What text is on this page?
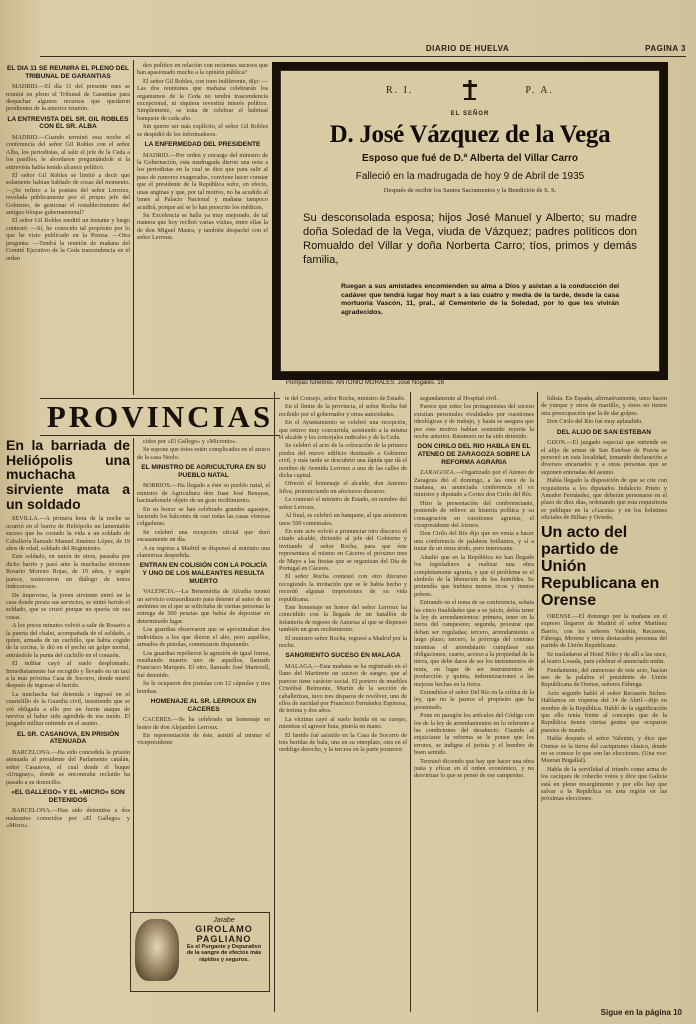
DIARIO DE HUELVA	PAGINA 3
EL DIA 11 SE REUNIRA EL PLENO DEL TRIBUNAL DE GARANTIAS

MADRID.—El día 11 del presente mes se reunirá en pleno el Tribunal de Garantías para despachar algunos recursos que quedaron pendientes de la anterior reunión.

LA ENTREVISTA DEL SR. GIL ROBLES CON EL SR. ALBA

MADRID.—Cuando terminó esta noche el conferencia del señor Gil Robles con el señor Alba, los periodistas, al salir el jefe de la Ceda a los pasillos, le abordaron preguntándole si la entrevista había tenido alcance político.

El señor Gil Robles se limitó a decir que solamente habían hablado de cosas del momento. —¿Se refiere a la postura del señor Lerroux, revelada públicamente por el propio jefe del Gobierno, de gestionar el restablecimiento del antiguo bloque gubernamental?

El señor Gil Robles meditó un instante y luego contestó: —Sí, he conocido tal propósito por lo que he visto publicado en la Prensa. —Otra pregunta: —Tendrá la reunión de mañana del Comité Ejecutivo de la Ceda trascendencia en el orden

deo político en relación con recientes sucesos que han apasionado mucho a la opinión pública?

El señor Gil Robles, con tono indiferente, dijo: —Las dos reuniones que mañana celebrarán los organismos de la Ceda no tendrá trascendencia excepcional, ni siquiera revestirá interés político. Simplemente, se trata de celebrar el habitual banquete de cada año.

Sin querer ser más explícito, el señor Gil Robles se despidió de los informadores.

LA ENFERMEDAD DEL PRESIDENTE

MADRID.—Por orden y encargo del ministro de la Gobernación, esta madrugada dieron una nota a los periodistas en la cual se dice que para salir al paso de rumores exagerados, conviene hacer constar que el presidente de la República sufre, en efecto, unas anginas y que, por tal motivo, no ha acudido al lunes al Palacio Nacional y mañana tampoco acudirá, porque así se lo han prescrito los médicos.

Su Excelencia se halla ya muy mejorado, de tal manera que hoy recibió varias visitas, entre ellas la de don Miguel Maura, y también despachó con el señor Lerroux.

PROVINCIAS
En la barriada de Heliópolis una muchacha sirviente mata a un soldado

SEVILLA.—A primera hora de la noche se ocurrió en el barrio de Heliópolis un lamentable suceso que ha costado la vida a un soldado de Caballería llamado Manuel Jiménez López, de 19 años de edad, soldado del Regimiento.

Este soldado, en unión de otros, paseaba por dicho barrio y pasó ante la muchacha sirviente Rosario Moreno Rojas, de 19 años, y según parece, sostuvieron un diálogo de tonos indecorosos.

De improviso, la joven sirviente entró en la casa donde presta sus servicios, se sintió herido el soldado, que se cruzó porque no quería oír sus cosas.

A los pocos minutos volvió a salir de Rosario a la puerta del chalet, acompañada de el soldado, a quien, armada de un cuchillo, que había cogido de la cocina, le dió en el pecho un golpe mortal, entrándole la punta del cuchillo en el corazón.

El militar cayó al suelo desplomado. Inmediatamente fue recogido y llevado en un taxi a la más próxima Casa de Socorro, donde murió después de ingresar el herido.

La muchacha fué detenida e ingresó en el cuartelillo de la Guardia civil, insistiendo que se vió obligada a ello por un fuerte ataque de nervios al haber sido agredida de ese modo. El juzgado militar entiende en el asunto.

EL SR. CASANOVA, EN PRISIÓN ATENUADA

BARCELONA.—Ha sido concedida la prisión atenuada al presidente del Parlamento catalán, señor Casanova, el cual desde el buque «Uruguay», donde se encontraba recluido ha pasado a su domicilio.

«EL GALLEGO» Y EL «MICRO» SON DETENIDOS

BARCELONA.—Han sido detenidos a dos maleantes conocidos por «El Gallego» y «Micro».

cidos por «El Gallego» y «Micronio».

Se supone que éstos estén complicados en el atraco de la casa Neolo.

EL MINISTRO DE AGRICULTURA EN SU PUEBLO NATAL

BORRIOS.—Ha llegado a éste su pueblo natal, el ministro de Agricultura don Juan José Benayas, hacinadomele objeto de un gran recibimiento.

En su honor se han celebrado grandes agasajos, luciendo los balcones de casi todas las casas vistosas colgaduras.

Se celebró una recepción oficial que duró escasamente un día.

A su regreso a Madrid se dispensó al ministro una clamorosa despedida.

ENTRAN EN COLISIÓN CON LA POLICÍA Y UNO DE LOS MALEANTES RESULTA MUERTO

VALENCIA.—La Benemérita de Alcudia montó un servicio extraordinario para detener al autor de un anónimo en el que se solicitaba de ciertas personas la entrega de 500 pesetas que había de depositar en determinado lugar.

Los guardias observaron que se aproximaban dos individuos a los que dieron el alto, pero aquéllos, armados de pistolas, comenzaron disparando.

Los guardias repelieron la agresión de igual forma, resultando muerto uno de aquellos, llamado Francisco Marqués. El otro, llamado José Martorell, fué detenido.

Se le ocuparon dos pistolas con 12 cápsulas y tres bombas.

HOMENAJE AL SR. LERROUX EN CACERES

CACERES.—Se ha celebrado un homenaje en honor de don Alejandro Lerroux.

En representación de éste, asistió al mismo el vicepresidente

Jarabe
GIROLAMO PAGLIANO
Es el Purgante y Depurativo de la sangre de efectos más rápidos y seguros.
R. I.	P. A.
EL SEÑOR
D. José Vázquez de la Vega
Esposo que fué de D.ª Alberta del Villar Carro
Falleció en la madrugada de hoy 9 de Abril de 1935
Después de recibir los Santos Sacramentos y la Bendición de S. S.
Su desconsolada esposa; hijos José Manuel y Alberto; su madre doña Soledad de la Vega, viuda de Vázquez; padres políticos don Romualdo del Villar y doña Norberta Carro; tíos, primos y demás familia,
Ruegan a sus amistades encomienden su alma a Dios y asistan a la conducción del cadáver que tendrá lugar hoy mart s a las cuatro y media de la tarde, desde la casa mortuoria Vascón, 11, pral., al Cementerio de la Soledad, por lo que les vivirán agradecidos.
Pompas fúnebres: ANTONIO MORALES. José Nogales, 16

te del Consejo, señor Rocha, ministro de Estado.

En el límite de la provincia, el señor Rocha fué recibido por el gobernador y otras autoridades.

En el Ayuntamiento se celebró una recepción, que estuvo muy concurrida, asistiendo a la misma el alcalde y los concejales radicales y de la Ceda.

Se celebró el acto de la colocación de la primera piedra del nuevo edificio destinado a Gobierno civil, y más tarde se descubrió una lápida que dá el nombre de Avenida Lerroux a una de las calles de dicha capital.

Ofreció el homenaje el alcalde, don Antonio Silva, pronunciando un afectuoso discurso.

Le contestó el ministro de Estado, en nombre del señor Lerroux.

Al final, se celebró un banquete, al que asistieron unos 500 comensales.

En este acto volvió a pronunciar otro discurso el citado alcalde, diciendo al jefe del Gobierno y invitando al señor Rocha, para que éste representara al mismo en Cáceres el próximo mes de Mayo a las fiestas que se organizan del Día de Portugal en Cáceres.

El señor Rocha contestó con otro discurso recogiendo la invitación que se le había hecho y recordó algunas impresiones de su vida republicana.

Este homenaje en honor del señor Lerroux ha coincidido con la llegada de un batallón de Infantería de regreso de Asturias al que se dispensó también un gran recibimiento.

El ministro señor Rocha, regresó a Madrid por la noche.

SANGRIENTO SUCESO EN MALAGA

MALAGA.—Esta mañana se ha registrado en el llano del Martinete un suceso de sangre, que al parecer tiene carácter social. El portero de muebles Cristóbal Belmonte, Martín de la sección de caballerizas, tuvo tres disparos de revólver, uno de ellos de nacidad por Francisco Fernández Espinosa, de treinta y dos años.

La víctima cayó al suelo herida en su cuerpo, mientras el agresor huía, pistola en mano.

El herido fué asistido en la Casa de Socorro de tres heridas de bala, una en su omoplato, otra en el ombligo derecho, y la tercera en la parte posterior.

segundamente al Hospital civil.

Parece que entre los protagonistas del suceso existían personales rivalidades por cuestiones ideológicas y de trabajo, y hasta se asegura que por este motivo habían sostenido reyerta la noche anterior. Retamero no ha sido detenido.

DON CIRILO DEL RIO HABLA EN EL ATENEO DE ZARAGOZA SOBRE LA REFORMA AGRARIA

ZARAGOZA.—Organizado por el Ateneo de Zaragoza dió el domingo, a las once de la mañana, su anunciada conferencia el ex ministro y diputado a Cortes don Cirilo del Río.

Hizo la presentación del conferenciante, poniendo de relieve su historia política y su consagración en cuestiones agrarias, el vicepresidente del Ateneo.

Don Cirilo del Río dijo que no venía a hacer una conferencia de palabras brillantes, y sí a tratar de un tema árido, pero interesante.

Añadió que en la República no han llegado los legisladores a realizar una obra completamente agraria, y que el problema es el símbolo de la liberación de los humildes. Se pretendía que hubiera menos ricos y menos pobres.

Entrando en el tema de su conferencia, señala las cinco finalidades que a su juicio, debía tener la ley de arrendamientos: primera, tener en la tierra del campesino; segunda, procurar que deban ser reguladas; tercero, arrendamiento a largo plazo; tercero, la prórroga del contrato mientras el arrendatario cumpliese sus obligaciones; cuarto, acceso a la propiedad de la tierra, que debe darse de ser los instrumentos de renta, en lugar de ser instrumentos de producción y quinta, indemnizaciones a las mejoras hechas en la tierra.

Extendióse el señor Del Río en la crítica de la ley, que no le parece el propósito que ha presentado.

Pone en paragón los artículos del Código con los de la ley de arrendamientos en lo referente a las condiciones del desahucio. Cuando al enjuiciarse la reforma se le ponen que los errores, se indigna el jurista y el hombre de buen sentido.

Terminó diciendo que hay que hacer una obra justa y eficaz en el orden económico, y no desvirtuar lo que se pensó de ese campesino.

lidista. En España, afirmativamente, unos hacen de yunque y otros de martillo, y éstos no tienen otra preocupación que la de dar golpes.

Don Cirilo del Río fué muy aplaudido.

DEL ALIJO DE SAN ESTEBAN

GIJON.—El juzgado especial que entiende en el alijo de armas de San Esteban de Pravia se personó en esta localidad, tomando declaración a diversos encartados y a otras personas que se suponen enteradas del asunto.

Había llegado la disposición de que se cite con requisitoria a los diputados Indalecio Prieto y Amador Fernández, que deberán personarse en el plazo de diez días, ordenando que esta requisitoria se publique en la «Gaceta» y en los boletines oficiales de Bilbao y Oviedo.

Un acto del partido de Unión Republicana en Orense

ORENSE.—El domingo por la mañana en el expreso llegaron de Madrid el señor Martínez Barrio, con los señores Valentín, Recasens, Fábrega, Moreno y otros destacados personas del partido de Unión Republicana.

Se trasladaron al Hotel Niño y de allí a las once, al teatro Losada, para celebrar el anunciado mitin.

Fundamente, del numeroso de este acto, hacían uso de la palabra el presidente de Unión Republicana de Orense, señores Fábrega.

Acto seguido habló el señor Recasens Siches: Hablamos en vísperas del 14 de Abril—dijo en nombre de la República. Habló de la significación que ello tenía frente al concepto que de la República tienen ciertas gentes que ocuparon puestos de mando.

Habla después el señor Valentín, y dice que Orense es la tierra del caciquismo clásico, donde no se conoce lo que son las elecciones. (Una voz: Mueran Bugallal).

Habla de la servilidad al triunfo como arma de los caciques de cohecho votos y dice que Galicia está en pleno resurgimiento y por ello hay que salvar a la República en esta región en las próximas elecciones.

Sigue en la página 10
